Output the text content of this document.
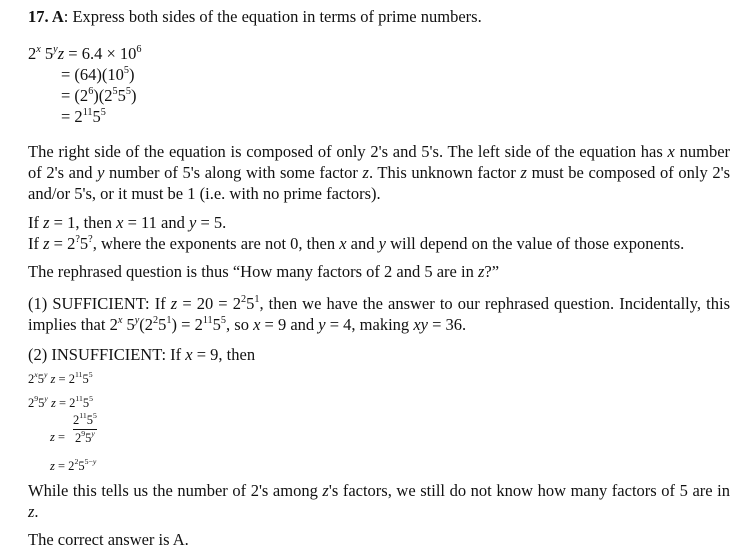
17. A: Express both sides of the equation in terms of prime numbers.
2$^x$ $5^yz = 6.4 \times 10^6$
= $(64)(10^5)$
= $(2^6)(2^55^5)$
= $2^{11}5^5$
The right side of the equation is composed of only 2's and 5's. The left side of the equation has x number of 2's and y number of 5's along with some factor z. This unknown factor z must be composed of only 2's and/or 5's, or it must be 1 (i.e. with no prime factors).
If z = 1, then x = 11 and y = 5.
If z = 2?5?, where the exponents are not 0, then x and y will depend on the value of those exponents.
The rephrased question is thus “How many factors of 2 and 5 are in z?”
(1) SUFFICIENT: If $z = 20 = 2^25^1$, then we have the answer to our rephrased question. Incidentally, this implies that 2$^x$ $5^y(2^25^1) = 2^{11}5^5$, so x = 9 and y = 4, making xy = 36.
(2) INSUFFICIENT: If x = 9, then
2$^x$5$^y$ $z = 2^{11}5^5$
$2^95^y$ $z = 2^{11}5^5$
z =
$2^{11}5^5$
$2^95^y$
$z = 2^25^{5-y}$
While this tells us the number of 2's among z's factors, we still do not know how many factors of 5 are in z.
The correct answer is A.
